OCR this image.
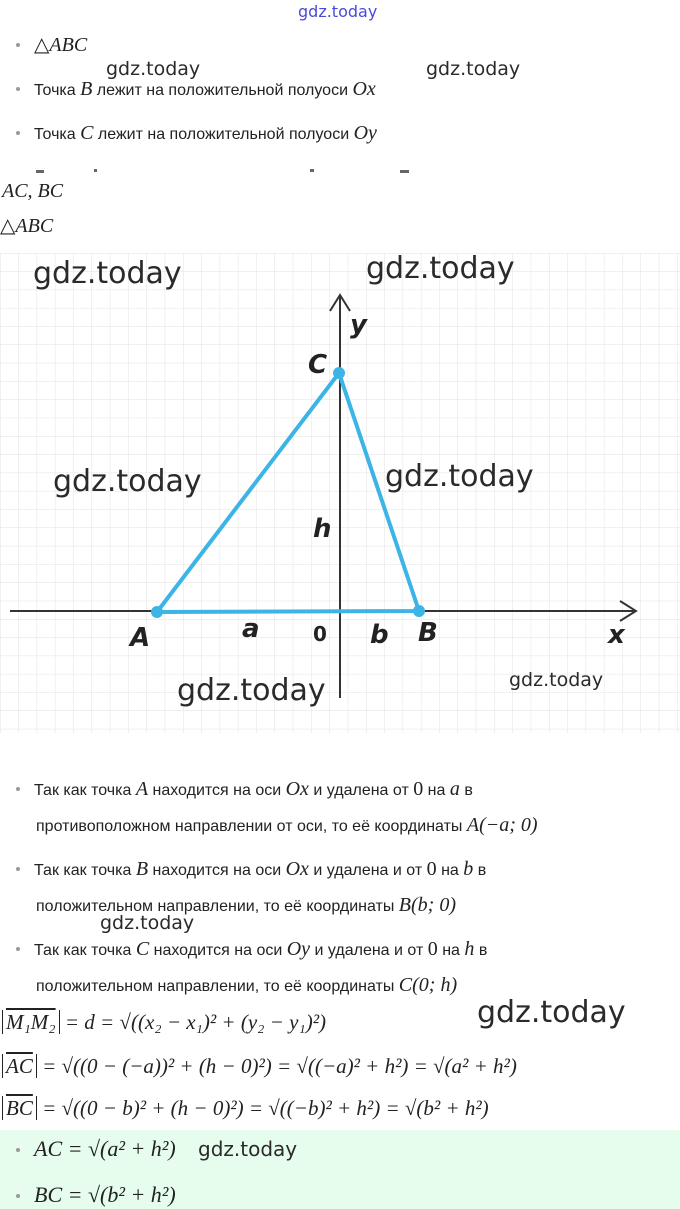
gdz.today
△ABC
Точка
B
лежит на положительной полуоси
Ox
Точка
C
лежит на положительной полуоси
Oy
gdz.today	gdz.today
AC, BC
△ABC
C
A	B
y
x
h
a	b
0
gdz.today	gdz.today
gdz.today	gdz.today
gdz.today	gdz.today
Так как точка
A
находится на оси
Ox
и удалена от
0
на
a
в
противоположном направлении от оси, то её координаты A(−a; 0)
Так как точка
B
находится на оси
Ox
и удалена и от
0
на
b
в
положительном направлении, то её координаты B(b; 0)
gdz.today
Так как точка
C
находится на оси
Oy
и удалена и от
0
на
h
в
положительном направлении, то её координаты C(0; h)
M₁M₂ = d = √((x₂ − x₁)² + (y₂ − y₁)²)	gdz.today
$\overline{AC} = √((0 - (-a))^2 + (h - 0)^2) = √((-a)^2 + h^2) = √(a^2 + h^2)$
$\overline{BC} = √((0 - b)^2 + (h - 0)^2) = √((-b)^2 + h^2) = √(b^2 + h^2)$
AC = √(a² + h²) gdz.today
BC = √(b² + h²)
